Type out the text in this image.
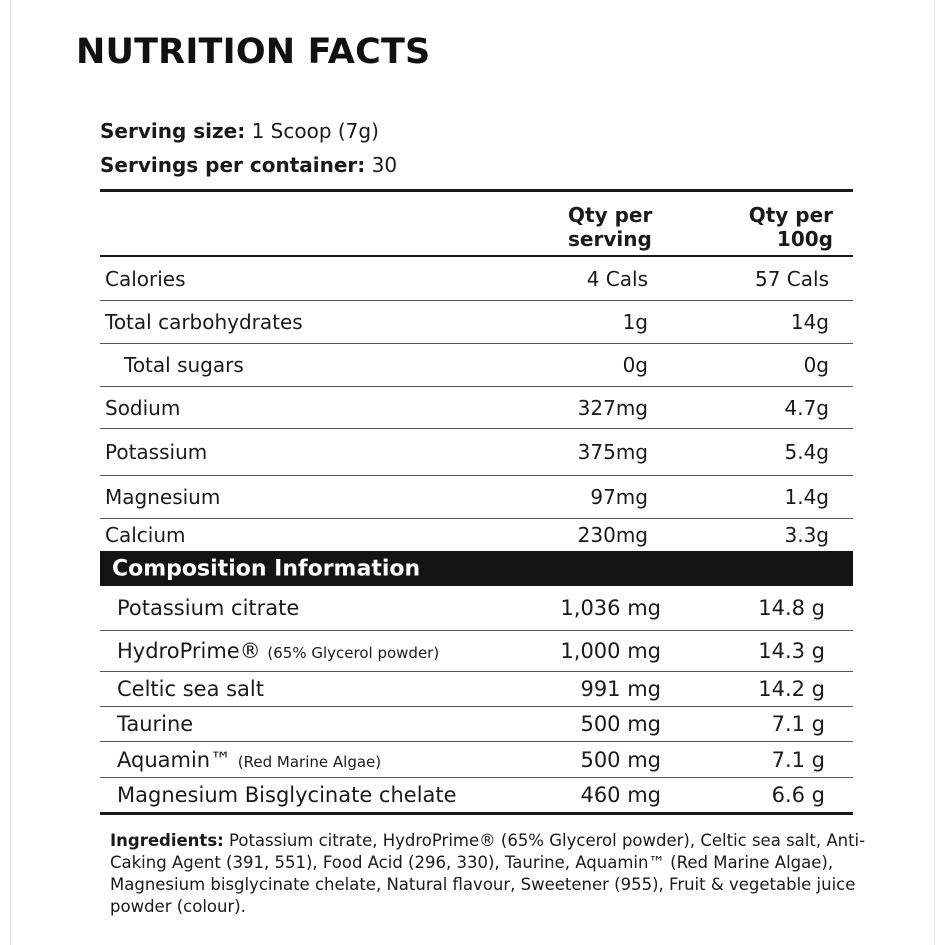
NUTRITION FACTS
Serving size: 1 Scoop (7g)
Servings per container: 30
Qty per
serving
Qty per
100g
Calories	4 Cals	57 Cals
Total carbohydrates	1g	14g
Total sugars	0g	0g
Sodium	327mg	4.7g
Potassium	375mg	5.4g
Magnesium	97mg	1.4g
Calcium	230mg	3.3g
Composition Information
Potassium citrate	1,036 mg	14.8 g
HydroPrime® (65% Glycerol powder)	1,000 mg	14.3 g
Celtic sea salt	991 mg	14.2 g
Taurine	500 mg	7.1 g
Aquamin™ (Red Marine Algae)	500 mg	7.1 g
Magnesium Bisglycinate chelate	460 mg	6.6 g
Ingredients: Potassium citrate, HydroPrime® (65% Glycerol powder), Celtic sea salt, Anti-Caking Agent (391, 551), Food Acid (296, 330), Taurine, Aquamin™ (Red Marine Algae), Magnesium bisglycinate chelate, Natural flavour, Sweetener (955), Fruit & vegetable juice powder (colour).
